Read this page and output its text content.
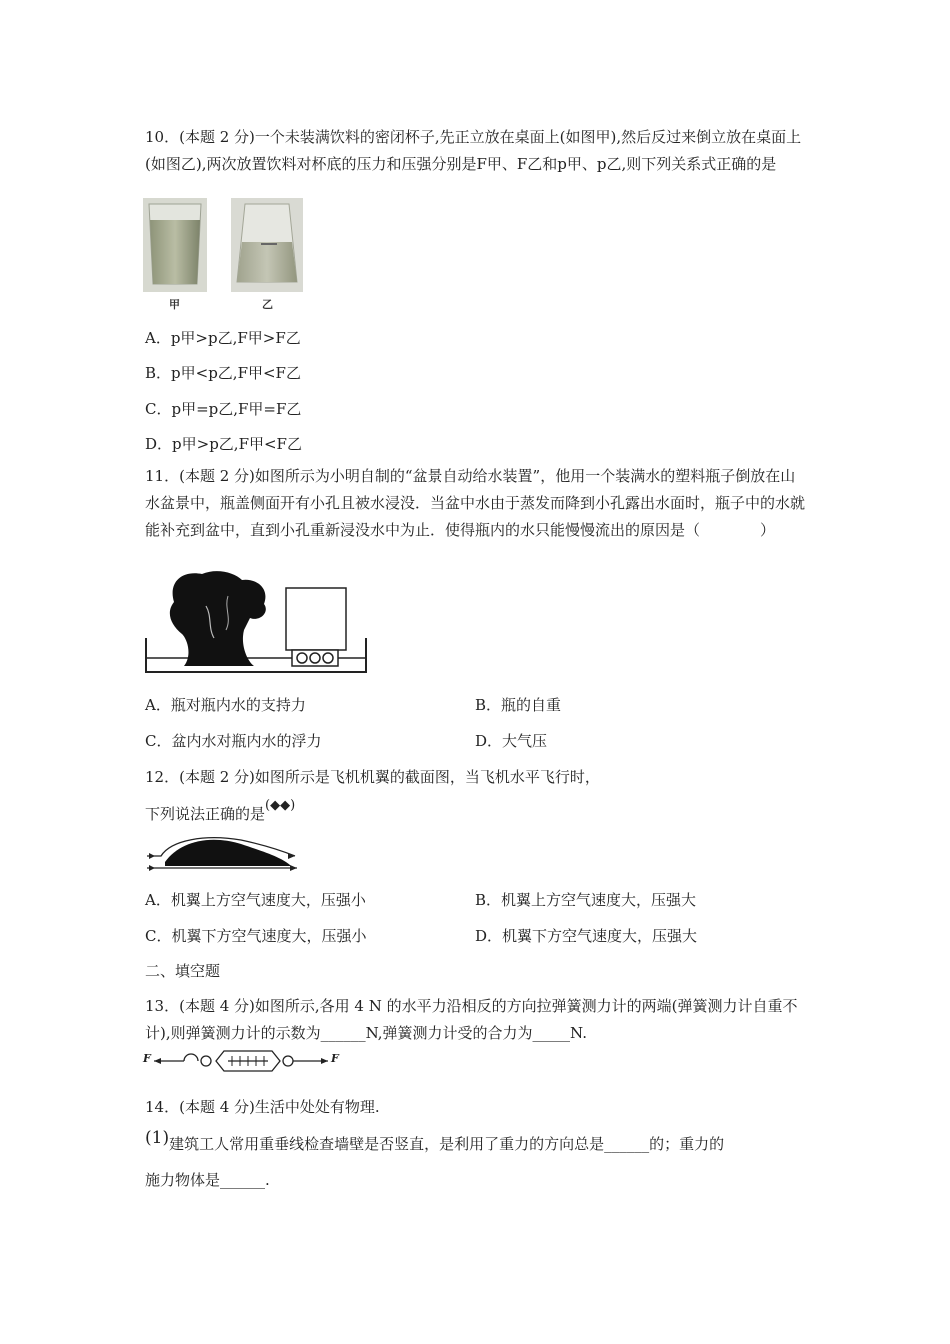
10．(本题 2 分)一个未装满饮料的密闭杯子,先正立放在桌面上(如图甲),然后反过来倒立放在桌面上(如图乙),两次放置饮料对杯底的压力和压强分别是F甲、F乙和p甲、p乙,则下列关系式正确的是
甲	乙
A．p甲>p乙,F甲>F乙
B．p甲<p乙,F甲<F乙
C．p甲=p乙,F甲=F乙
D．p甲>p乙,F甲<F乙
11．(本题 2 分)如图所示为小明自制的“盆景自动给水装置”，他用一个装满水的塑料瓶子倒放在山水盆景中，瓶盖侧面开有小孔且被水浸没．当盆中水由于蒸发而降到小孔露出水面时，瓶子中的水就能补充到盆中，直到小孔重新浸没水中为止．使得瓶内的水只能慢慢流出的原因是（　　　　）
A．瓶对瓶内水的支持力	B．瓶的自重
C．盆内水对瓶内水的浮力	D．大气压
12．(本题 2 分)如图所示是飞机机翼的截面图，当飞机水平飞行时，
下列说法正确的是(◆◆)
A．机翼上方空气速度大，压强小	B．机翼上方空气速度大，压强大
C．机翼下方空气速度大，压强小	D．机翼下方空气速度大，压强大
二、填空题
13．(本题 4 分)如图所示,各用 4 N 的水平力沿相反的方向拉弹簧测力计的两端(弹簧测力计自重不计),则弹簧测力计的示数为______N,弹簧测力计受的合力为_____N.
F	F
14．(本题 4 分)生活中处处有物理.
(1)建筑工人常用重垂线检查墙壁是否竖直，是利用了重力的方向总是______的；重力的
施力物体是______.
